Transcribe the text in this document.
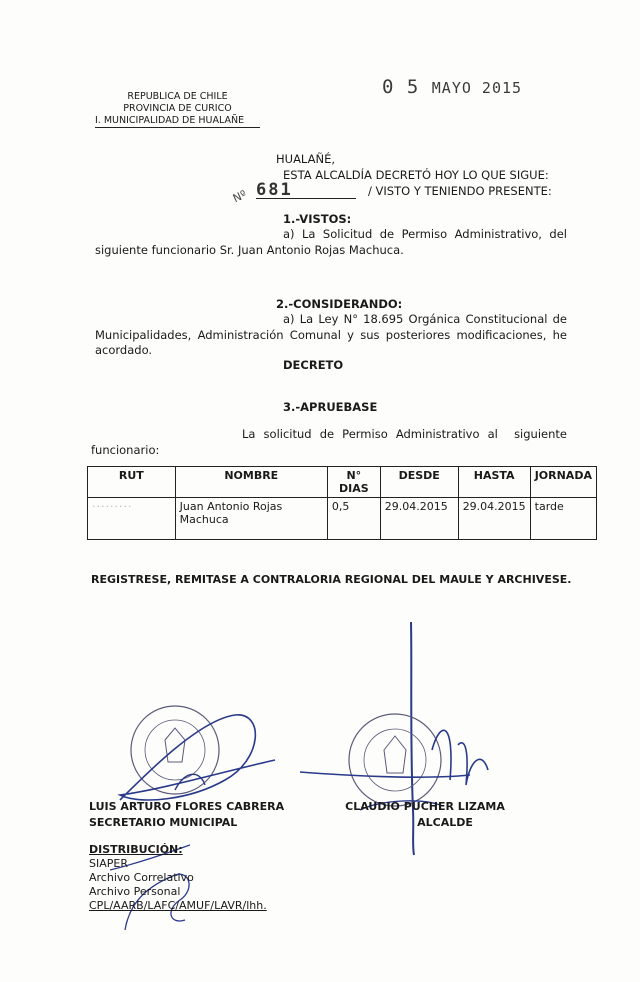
REPUBLICA DE CHILE
PROVINCIA DE CURICO
I. MUNICIPALIDAD DE HUALAÑE
0 5 MAYO 2015
HUALAÑÉ,
ESTA ALCALDÍA DECRETÓ HOY LO QUE SIGUE:
Nº 681	/ VISTO Y TENIENDO PRESENTE:
1.-VISTOS:
a) La Solicitud de Permiso Administrativo, del
siguiente funcionario Sr. Juan Antonio Rojas Machuca.
2.-CONSIDERANDO:
a) La Ley N° 18.695 Orgánica Constitucional de
Municipalidades, Administración Comunal y sus posteriores modificaciones, he
acordado.
DECRETO
3.-APRUEBASE
La solicitud de Permiso Administrativo al  siguiente
funcionario:
RUT	NOMBRE	N° DIAS	DESDE	HASTA	JORNADA
·········	Juan Antonio Rojas Machuca	0,5	29.04.2015	29.04.2015	tarde
REGISTRESE, REMITASE A CONTRALORIA REGIONAL DEL MAULE Y ARCHIVESE.
LUIS ARTURO FLORES CABRERA
SECRETARIO MUNICIPAL
CLAUDIO PUCHER LIZAMA
ALCALDE
DISTRIBUCIÓN:
SIAPER
Archivo Correlativo
Archivo Personal
CPL/AARB/LAFC/AMUF/LAVR/lhh.
